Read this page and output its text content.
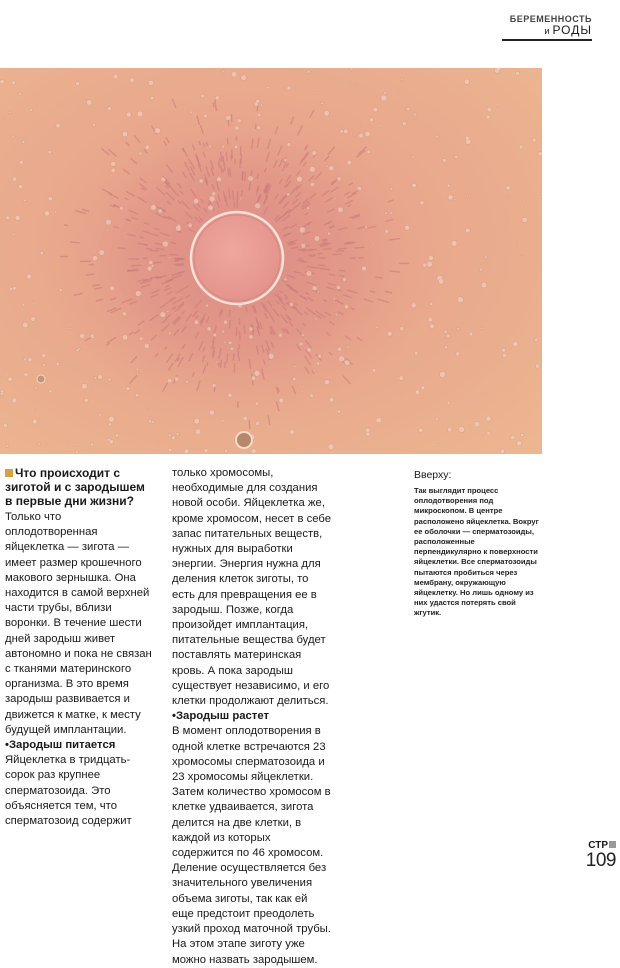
БЕРЕМЕННОСТЬ
и РОДЫ
Что происходит с зиготой и с зародышем в первые дни жизни?

Только что оплодотворенная яйцеклетка — зигота — имеет размер крошечного макового зернышка. Она находится в самой верхней части трубы, вблизи воронки. В течение шести дней зародыш живет автономно и пока не связан с тканями материнского организма. В это время зародыш развивается и движется к матке, к месту будущей имплантации.

•Зародыш питается

Яйцеклетка в тридцать-сорок раз крупнее сперматозоида. Это объясняется тем, что сперматозоид содержит

только хромосомы, необходимые для создания новой особи. Яйцеклетка же, кроме хромосом, несет в себе запас питательных веществ, нужных для выработки энергии. Энергия нужна для деления клеток зиготы, то есть для превращения ее в зародыш. Позже, когда произойдет имплантация, питательные вещества будет поставлять материнская кровь. А пока зародыш существует независимо, и его клетки продолжают делиться.

•Зародыш растет

В момент оплодотворения в одной клетке встречаются 23 хромосомы сперматозоида и 23 хромосомы яйцеклетки. Затем количество хромосом в клетке удваивается, зигота делится на две клетки, в каждой из которых содержится по 46 хромосом. Деление осуществляется без значительного увеличения объема зиготы, так как ей еще предстоит преодолеть узкий проход маточной трубы. На этом этапе зиготу уже можно назвать зародышем.

Вверху:
Так выглядит процесс оплодотворения под микроскопом. В центре расположено яйцеклетка. Вокруг ее оболочки — сперматозоиды, расположенные перпендикулярно к поверхности яйцеклетки. Все сперматозоиды пытаются пробиться через мембрану, окружающую яйцеклетку. Но лишь одному из них удастся потерять свой жгутик.
СТР
109
